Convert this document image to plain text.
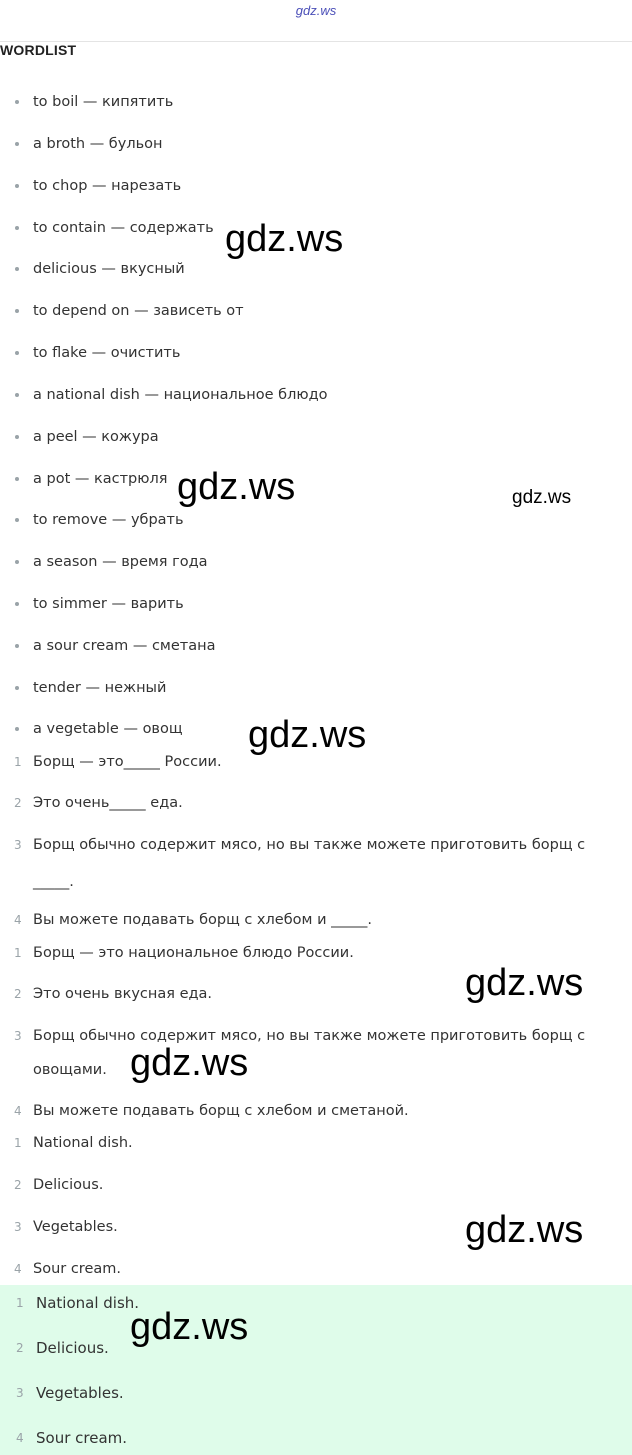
gdz.ws
WORDLIST
to boil — кипятить
a broth — бульон
to chop — нарезать
to contain — содержать
delicious — вкусный
to depend on — зависеть от
to flake — очистить
a national dish — национальное блюдо
a peel — кожура
a pot — кастрюля
to remove — убрать
a season — время года
to simmer — варить
a sour cream — сметана
tender — нежный
a vegetable — овощ
1 Борщ — это_____ России.
2 Это очень_____ еда.
3 Борщ обычно содержит мясо, но вы также можете приготовить борщ с
_____.
4 Вы можете подавать борщ с хлебом и _____.
1 Борщ — это национальное блюдо России.
2 Это очень вкусная еда.
3 Борщ обычно содержит мясо, но вы также можете приготовить борщ с
овощами.
4 Вы можете подавать борщ с хлебом и сметаной.
1 National dish.
2 Delicious.
3 Vegetables.
4 Sour cream.
1 National dish.
2 Delicious.
3 Vegetables.
4 Sour cream.
gdz.ws
gdz.ws	gdz.ws
gdz.ws
gdz.ws
gdz.ws
gdz.ws
gdz.ws
